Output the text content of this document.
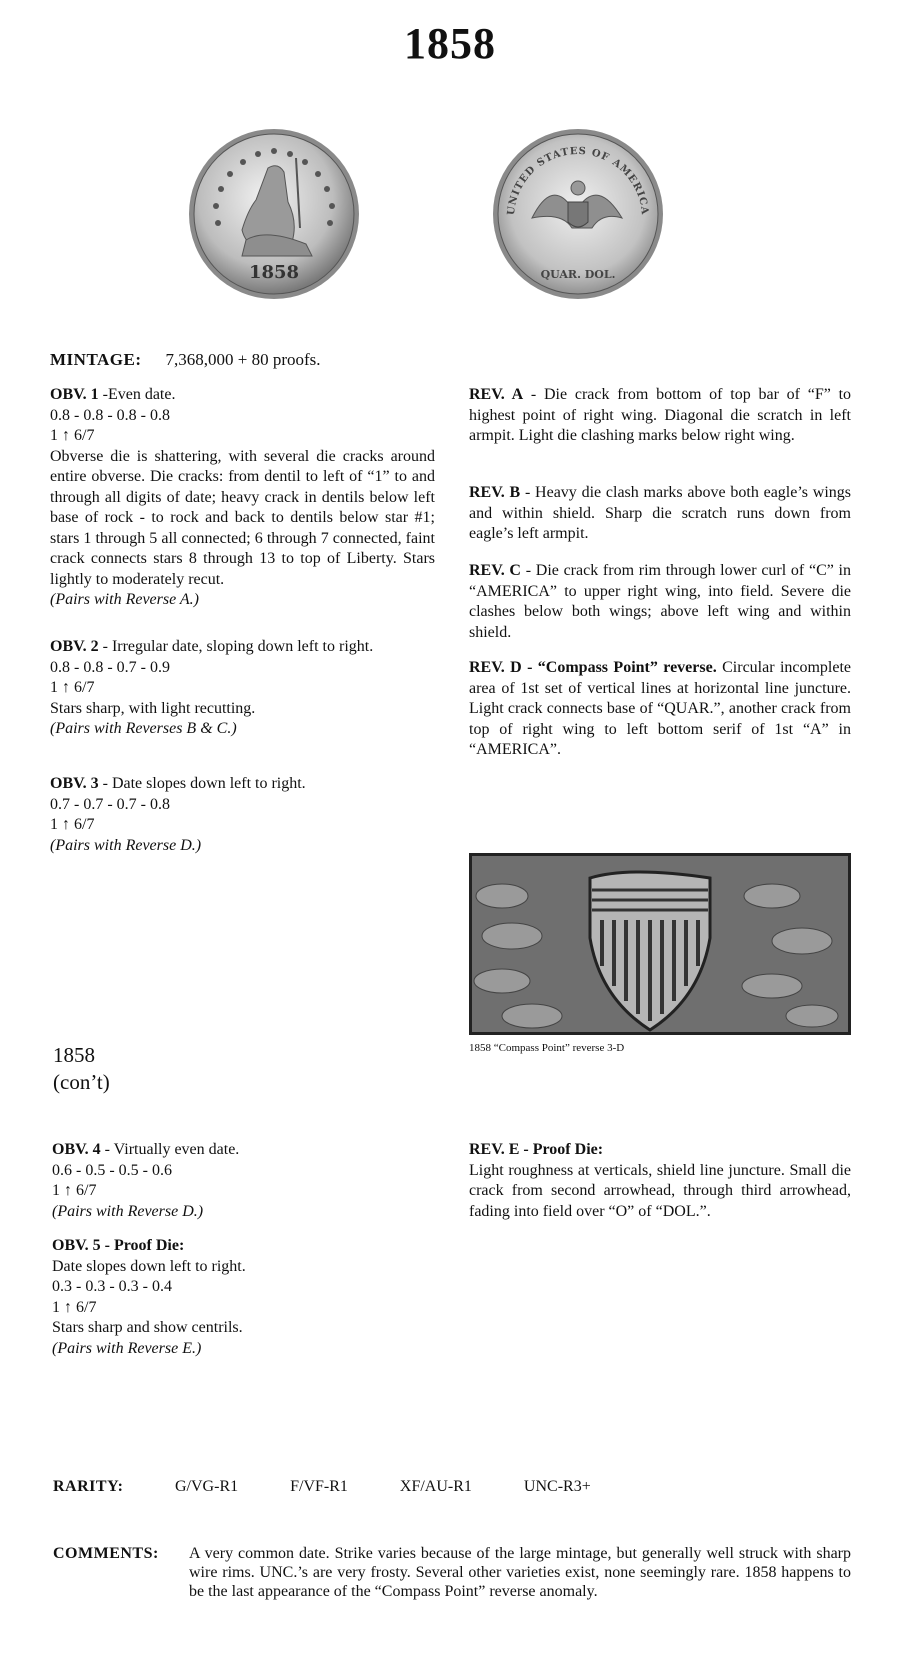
1858
1858
UNITED STATES OF AMERICA
QUAR. DOL.
MINTAGE: 7,368,000 + 80 proofs.
OBV. 1 -Even date.
0.8 - 0.8 - 0.8 - 0.8
1 ↑ 6/7
Obverse die is shattering, with several die cracks around entire obverse. Die cracks: from dentil to left of “1” to and through all digits of date; heavy crack in dentils below left base of rock - to rock and back to dentils below star #1; stars 1 through 5 all connected; 6 through 7 connected, faint crack connects stars 8 through 13 to top of Liberty. Stars lightly to moderately recut.
(Pairs with Reverse A.)
OBV. 2 - Irregular date, sloping down left to right.
0.8 - 0.8 - 0.7 - 0.9
1 ↑ 6/7
Stars sharp, with light recutting.
(Pairs with Reverses B & C.)
OBV. 3 - Date slopes down left to right.
0.7 - 0.7 - 0.7 - 0.8
1 ↑ 6/7
(Pairs with Reverse D.)
REV. A - Die crack from bottom of top bar of “F” to highest point of right wing. Diagonal die scratch in left armpit. Light die clashing marks below right wing.
REV. B - Heavy die clash marks above both eagle’s wings and within shield. Sharp die scratch runs down from eagle’s left armpit.
REV. C - Die crack from rim through lower curl of “C” in “AMERICA” to upper right wing, into field. Severe die clashes below both wings; above left wing and within shield.
REV. D - “Compass Point” reverse. Circular incomplete area of 1st set of vertical lines at horizontal line juncture. Light crack connects base of “QUAR.”, another crack from top of right wing to left bottom serif of 1st “A” in “AMERICA”.
1858 “Compass Point” reverse 3-D
1858
(con’t)
OBV. 4 - Virtually even date.
0.6 - 0.5 - 0.5 - 0.6
1 ↑ 6/7
(Pairs with Reverse D.)
OBV. 5 - Proof Die:
Date slopes down left to right.
0.3 - 0.3 - 0.3 - 0.4
1 ↑ 6/7
Stars sharp and show centrils.
(Pairs with Reverse E.)
REV. E - Proof Die:
Light roughness at verticals, shield line juncture. Small die crack from second arrowhead, through third arrowhead, fading into field over “O” of “DOL.”.
RARITY:	G/VG-R1	F/VF-R1	XF/AU-R1	UNC-R3+
COMMENTS: A very common date. Strike varies because of the large mintage, but generally well struck with sharp wire rims. UNC.’s are very frosty. Several other varieties exist, none seemingly rare. 1858 happens to be the last appearance of the “Compass Point” reverse anomaly.
